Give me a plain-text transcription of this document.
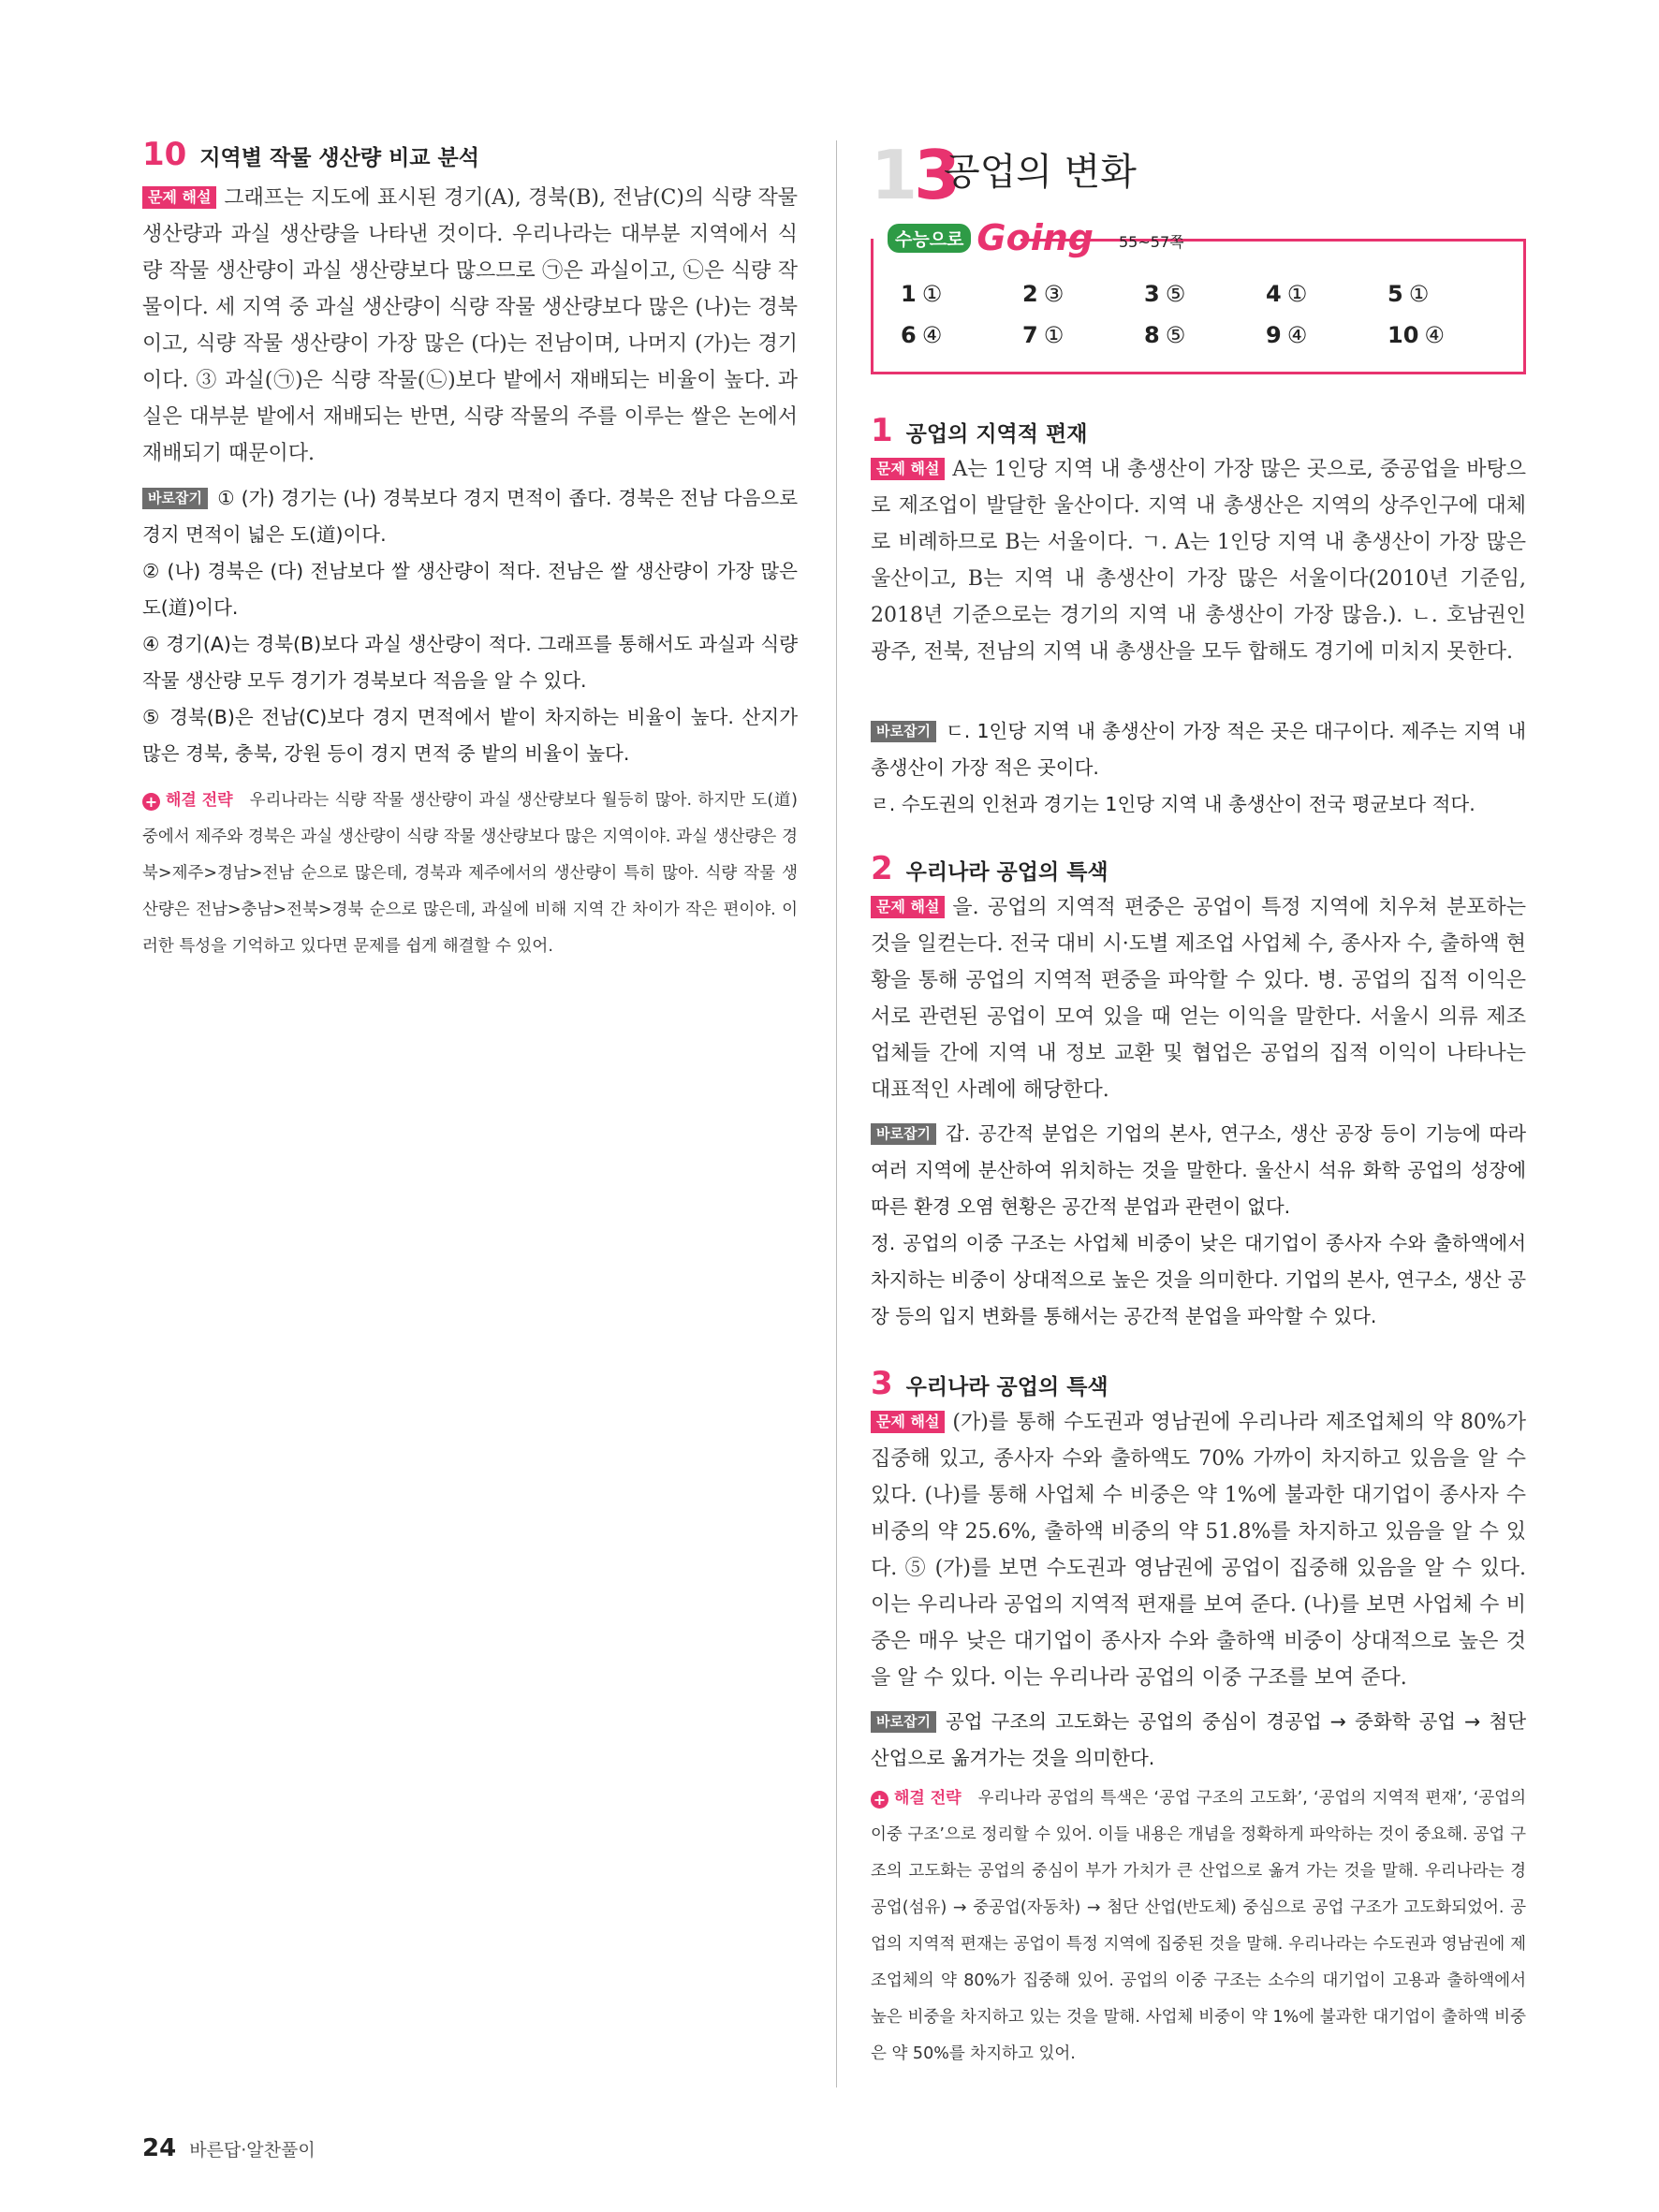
10 지역별 작물 생산량 비교 분석

문제 해설 그래프는 지도에 표시된 경기(A), 경북(B), 전남(C)의 식량 작물 생산량과 과실 생산량을 나타낸 것이다. 우리나라는 대부분 지역에서 식량 작물 생산량이 과실 생산량보다 많으므로 ㉠은 과실이고, ㉡은 식량 작물이다. 세 지역 중 과실 생산량이 식량 작물 생산량보다 많은 (나)는 경북이고, 식량 작물 생산량이 가장 많은 (다)는 전남이며, 나머지 (가)는 경기이다. ③ 과실(㉠)은 식량 작물(㉡)보다 밭에서 재배되는 비율이 높다. 과실은 대부분 밭에서 재배되는 반면, 식량 작물의 주를 이루는 쌀은 논에서 재배되기 때문이다.

바로잡기 ① (가) 경기는 (나) 경북보다 경지 면적이 좁다. 경북은 전남 다음으로 경지 면적이 넓은 도(道)이다.

② (나) 경북은 (다) 전남보다 쌀 생산량이 적다. 전남은 쌀 생산량이 가장 많은 도(道)이다.

④ 경기(A)는 경북(B)보다 과실 생산량이 적다. 그래프를 통해서도 과실과 식량 작물 생산량 모두 경기가 경북보다 적음을 알 수 있다.

⑤ 경북(B)은 전남(C)보다 경지 면적에서 밭이 차지하는 비율이 높다. 산지가 많은 경북, 충북, 강원 등이 경지 면적 중 밭의 비율이 높다.

+ 해결 전략 우리나라는 식량 작물 생산량이 과실 생산량보다 월등히 많아. 하지만 도(道) 중에서 제주와 경북은 과실 생산량이 식량 작물 생산량보다 많은 지역이야. 과실 생산량은 경북>제주>경남>전남 순으로 많은데, 경북과 제주에서의 생산량이 특히 많아. 식량 작물 생산량은 전남>충남>전북>경북 순으로 많은데, 과실에 비해 지역 간 차이가 작은 편이야. 이러한 특성을 기억하고 있다면 문제를 쉽게 해결할 수 있어.

13
공업의 변화
수능으로 Going 55~57쪽
1 ①	2 ③	3 ⑤	4 ①	5 ①
6 ④	7 ①	8 ⑤	9 ④	10 ④
1 공업의 지역적 편재

문제 해설 A는 1인당 지역 내 총생산이 가장 많은 곳으로, 중공업을 바탕으로 제조업이 발달한 울산이다. 지역 내 총생산은 지역의 상주인구에 대체로 비례하므로 B는 서울이다. ㄱ. A는 1인당 지역 내 총생산이 가장 많은 울산이고, B는 지역 내 총생산이 가장 많은 서울이다(2010년 기준임, 2018년 기준으로는 경기의 지역 내 총생산이 가장 많음.). ㄴ. 호남권인 광주, 전북, 전남의 지역 내 총생산을 모두 합해도 경기에 미치지 못한다.

바로잡기 ㄷ. 1인당 지역 내 총생산이 가장 적은 곳은 대구이다. 제주는 지역 내 총생산이 가장 적은 곳이다.

ㄹ. 수도권의 인천과 경기는 1인당 지역 내 총생산이 전국 평균보다 적다.

2 우리나라 공업의 특색

문제 해설 을. 공업의 지역적 편중은 공업이 특정 지역에 치우쳐 분포하는 것을 일컫는다. 전국 대비 시·도별 제조업 사업체 수, 종사자 수, 출하액 현황을 통해 공업의 지역적 편중을 파악할 수 있다. 병. 공업의 집적 이익은 서로 관련된 공업이 모여 있을 때 얻는 이익을 말한다. 서울시 의류 제조업체들 간에 지역 내 정보 교환 및 협업은 공업의 집적 이익이 나타나는 대표적인 사례에 해당한다.

바로잡기 갑. 공간적 분업은 기업의 본사, 연구소, 생산 공장 등이 기능에 따라 여러 지역에 분산하여 위치하는 것을 말한다. 울산시 석유 화학 공업의 성장에 따른 환경 오염 현황은 공간적 분업과 관련이 없다.

정. 공업의 이중 구조는 사업체 비중이 낮은 대기업이 종사자 수와 출하액에서 차지하는 비중이 상대적으로 높은 것을 의미한다. 기업의 본사, 연구소, 생산 공장 등의 입지 변화를 통해서는 공간적 분업을 파악할 수 있다.

3 우리나라 공업의 특색

문제 해설 (가)를 통해 수도권과 영남권에 우리나라 제조업체의 약 80%가 집중해 있고, 종사자 수와 출하액도 70% 가까이 차지하고 있음을 알 수 있다. (나)를 통해 사업체 수 비중은 약 1%에 불과한 대기업이 종사자 수 비중의 약 25.6%, 출하액 비중의 약 51.8%를 차지하고 있음을 알 수 있다. ⑤ (가)를 보면 수도권과 영남권에 공업이 집중해 있음을 알 수 있다. 이는 우리나라 공업의 지역적 편재를 보여 준다. (나)를 보면 사업체 수 비중은 매우 낮은 대기업이 종사자 수와 출하액 비중이 상대적으로 높은 것을 알 수 있다. 이는 우리나라 공업의 이중 구조를 보여 준다.

바로잡기 공업 구조의 고도화는 공업의 중심이 경공업 → 중화학 공업 → 첨단 산업으로 옮겨가는 것을 의미한다.

+ 해결 전략 우리나라 공업의 특색은 ‘공업 구조의 고도화’, ‘공업의 지역적 편재’, ‘공업의 이중 구조’으로 정리할 수 있어. 이들 내용은 개념을 정확하게 파악하는 것이 중요해. 공업 구조의 고도화는 공업의 중심이 부가 가치가 큰 산업으로 옮겨 가는 것을 말해. 우리나라는 경공업(섬유) → 중공업(자동차) → 첨단 산업(반도체) 중심으로 공업 구조가 고도화되었어. 공업의 지역적 편재는 공업이 특정 지역에 집중된 것을 말해. 우리나라는 수도권과 영남권에 제조업체의 약 80%가 집중해 있어. 공업의 이중 구조는 소수의 대기업이 고용과 출하액에서 높은 비중을 차지하고 있는 것을 말해. 사업체 비중이 약 1%에 불과한 대기업이 출하액 비중은 약 50%를 차지하고 있어.

24 바른답·알찬풀이
